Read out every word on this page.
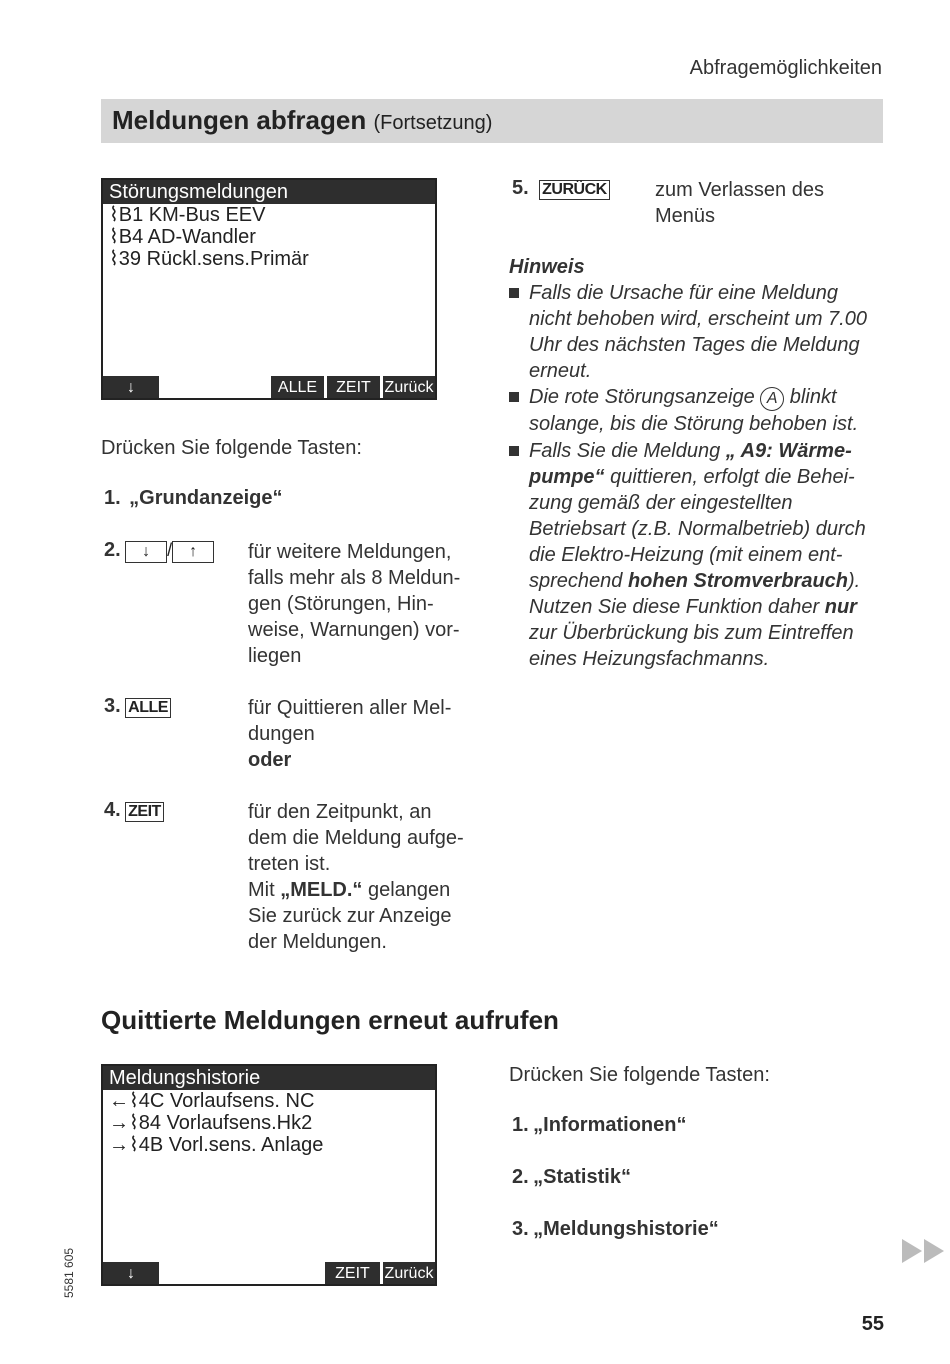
Abfragemöglichkeiten
Meldungen abfragen (Fortsetzung)
Störungsmeldungen
⌇B1 KM-Bus EEV
⌇B4 AD-Wandler
⌇39 Rückl.sens.Primär
↓	ALLE	ZEIT Zurück
Drücken Sie folgende Tasten:
1. „Grundanzeige“
2. ↓ / ↑	für weitere Meldungen,
falls mehr als 8 Meldun-
gen (Störungen, Hin-
weise, Warnungen) vor-
liegen
3. ALLE	für Quittieren aller Mel-
dungen
oder
4. ZEIT	für den Zeitpunkt, an
dem die Meldung aufge-
treten ist.
Mit „MELD.“ gelangen
Sie zurück zur Anzeige
der Meldungen.
5. ZURÜCK zum Verlassen des
Menüs
Hinweis
Falls die Ursache für eine Meldung
nicht behoben wird, erscheint um 7.00
Uhr des nächsten Tages die Meldung
erneut.
Die rote Störungsanzeige A blinkt
solange, bis die Störung behoben ist.
Falls Sie die Meldung „ A9: Wärme-
pumpe“ quittieren, erfolgt die Behei-
zung gemäß der eingestellten
Betriebsart (z.B. Normalbetrieb) durch
die Elektro-Heizung (mit einem ent-
sprechend hohen Stromverbrauch).
Nutzen Sie diese Funktion daher nur
zur Überbrückung bis zum Eintreffen
eines Heizungsfachmanns.
Quittierte Meldungen erneut aufrufen
Meldungshistorie
←⌇4C Vorlaufsens. NC
→⌇84 Vorlaufsens.Hk2
→⌇4B Vorl.sens. Anlage
↓	ZEIT Zurück
Drücken Sie folgende Tasten:
1. „Informationen“
2. „Statistik“
3. „Meldungshistorie“
5581 605
55
